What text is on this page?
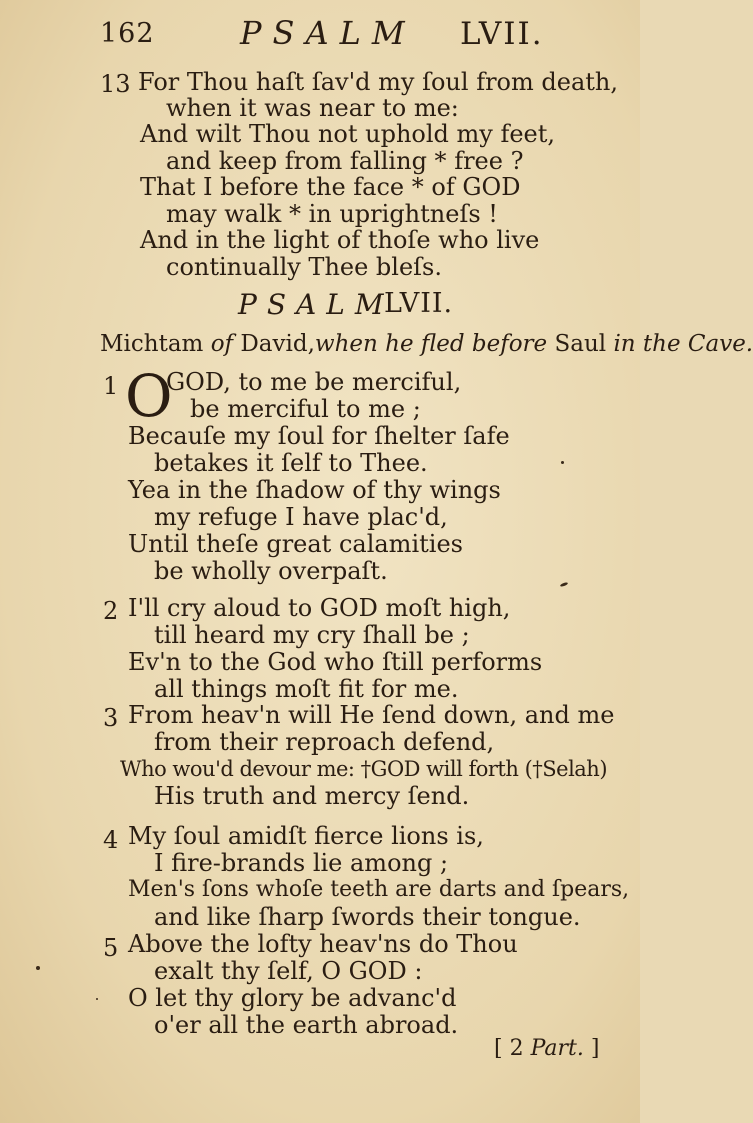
162	PSALM LVII.
13 For Thou haſt ſav'd my ſoul from death,
when it was near to me:
And wilt Thou not uphold my feet,
and keep from falling * free ?
That I before the face * of GOD
may walk * in uprightneſs !
And in the light of thoſe who live
continually Thee bleſs.
PSALM
LVII.
Michtam of David,when he fled before Saul in the Cave.
1 O
GOD, to me be merciful,
be merciful to me ;
Becauſe my ſoul for ſhelter ſafe
betakes it ſelf to Thee.
Yea in the ſhadow of thy wings
my refuge I have plac'd,
Until theſe great calamities
be wholly overpaſt.
2 I'll cry aloud to GOD moſt high,
till heard my cry ſhall be ;
Ev'n to the God who ſtill performs
all things moſt fit for me.
3 From heav'n will He ſend down, and me
from their reproach defend,
Who wou'd devour me: †GOD will forth (†Selah)
His truth and mercy ſend.
4 My ſoul amidſt fierce lions is,
I fire-brands lie among ;
Men's ſons whoſe teeth are darts and ſpears,
and like ſharp ſwords their tongue.
5 Above the lofty heav'ns do Thou
exalt thy ſelf, O GOD :
O let thy glory be advanc'd
o'er all the earth abroad.
[ 2 Part. ]
